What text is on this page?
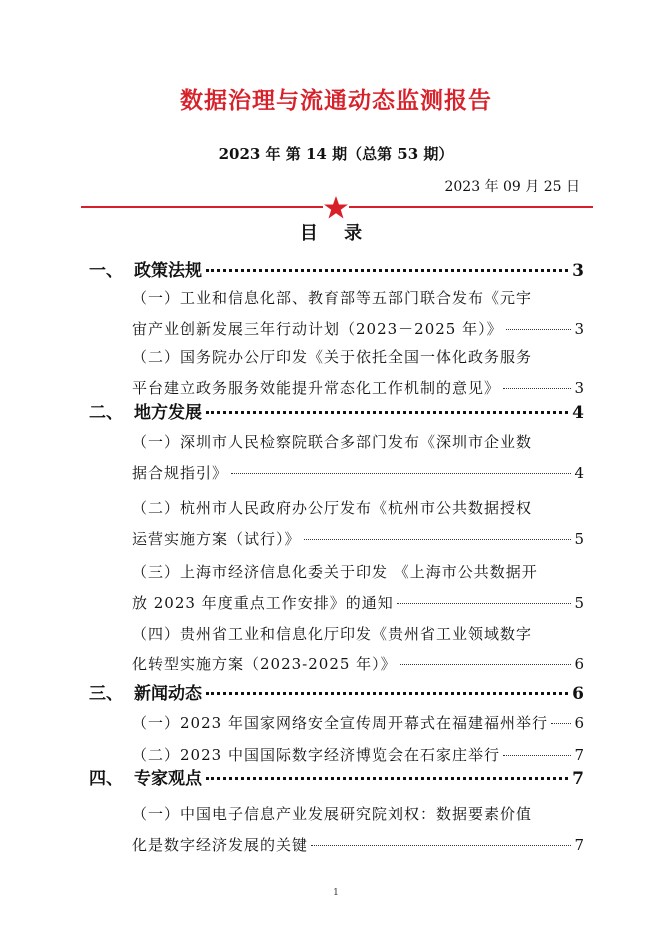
数据治理与流通动态监测报告
2023 年 第 14 期（总第 53 期）
2023 年 09 月 25 日
目 录
一、 政策法规	3
（一）工业和信息化部、教育部等五部门联合发布《元宇
宙产业创新发展三年行动计划（2023－2025 年）》	3
（二）国务院办公厅印发《关于依托全国一体化政务服务
平台建立政务服务效能提升常态化工作机制的意见》	3
二、 地方发展	4
（一）深圳市人民检察院联合多部门发布《深圳市企业数
据合规指引》	4
（二）杭州市人民政府办公厅发布《杭州市公共数据授权
运营实施方案（试行）》	5
（三）上海市经济信息化委关于印发 《上海市公共数据开
放 2023 年度重点工作安排》的通知	5
（四）贵州省工业和信息化厅印发《贵州省工业领域数字
化转型实施方案（2023-2025 年）》	6
三、 新闻动态	6
（一）2023 年国家网络安全宣传周开幕式在福建福州举行 6
（二）2023 中国国际数字经济博览会在石家庄举行	7
四、 专家观点	7
（一）中国电子信息产业发展研究院刘权：数据要素价值
化是数字经济发展的关键	7
1
